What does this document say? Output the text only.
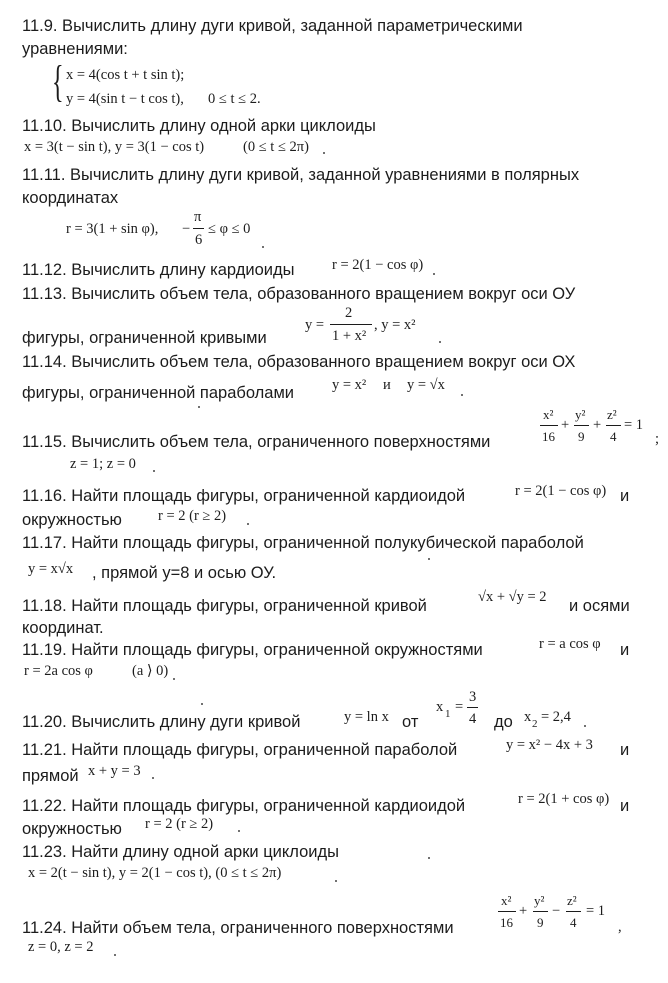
11.9. Вычислить длину дуги кривой, заданной параметрическими
уравнениями:
{ x = 4(cos t + t sin t);
y = 4(sin t − t cos t), 0 ≤ t ≤ 2.
11.10. Вычислить длину одной арки циклоиды
x = 3(t − sin t), y = 3(1 − cos t)	(0 ≤ t ≤ 2π)
11.11. Вычислить длину дуги кривой, заданной уравнениями в полярных
координатах
r = 3(1 + sin φ), −
π
6
≤ φ ≤ 0
11.12. Вычислить длину кардиоиды	r = 2(1 − cos φ)
11.13. Вычислить объем тела, образованного вращением вокруг оси ОУ
фигуры, ограниченной кривыми
y =
2
1 + x²
, y = x²
11.14. Вычислить объем тела, образованного вращением вокруг оси ОХ
фигуры, ограниченной параболами	y = x² и y = √x
11.15. Вычислить объем тела, ограниченного поверхностями
x²
16
+
y²
9
+
z²
4
= 1
;
z = 1; z = 0
11.16. Найти площадь фигуры, ограниченной кардиоидой	r = 2(1 − cos φ) и
окружностью r = 2 (r ≥ 2)
11.17. Найти площадь фигуры, ограниченной полукубической параболой
y = x√x , прямой y=8 и осью ОУ.
11.18. Найти площадь фигуры, ограниченной кривой	√x + √y = 2 и осями
координат.
11.19. Найти площадь фигуры, ограниченной окружностями	r = a cos φ и
r = 2a cos φ	(a ⟩ 0)
11.20. Вычислить длину дуги кривой	y = ln x от
x 1 =
3
4 до x 2 = 2,4
11.21. Найти площадь фигуры, ограниченной параболой	y = x² − 4x + 3 и
прямой x + y = 3
11.22. Найти площадь фигуры, ограниченной кардиоидой	r = 2(1 + cos φ) и
окружностью r = 2 (r ≥ 2)
11.23. Найти длину одной арки циклоиды
x = 2(t − sin t), y = 2(1 − cos t), (0 ≤ t ≤ 2π)
11.24. Найти объем тела, ограниченного поверхностями
x²
16
+
y²
9
−
z²
4
= 1
,
z = 0, z = 2
